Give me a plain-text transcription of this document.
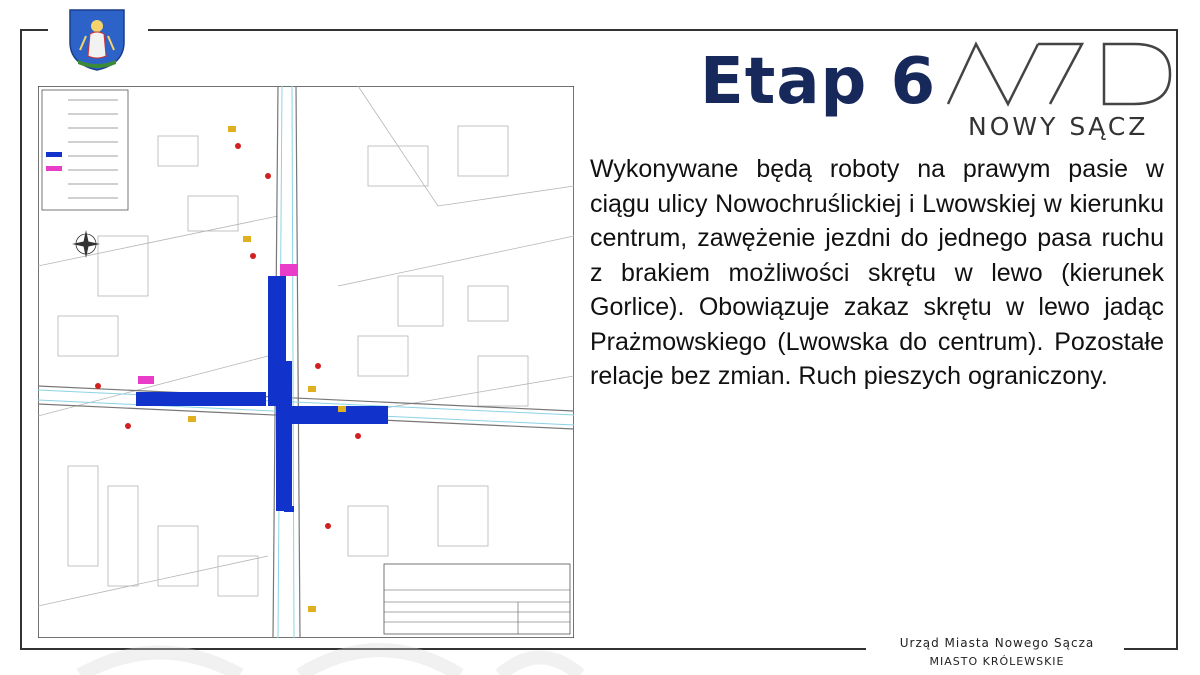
Etap 6
NOWY SĄCZ
Wykonywane będą roboty na prawym pasie w ciągu ulicy Nowochruślickiej i Lwowskiej w kierunku centrum, zawężenie jezdni do jednego pasa ruchu z brakiem możliwości skrętu w lewo (kierunek Gorlice). Obowiązuje zakaz skrętu w lewo jadąc Prażmowskiego (Lwowska do centrum). Pozostałe relacje bez zmian. Ruch pieszych ograniczony.
Urząd Miasta Nowego Sącza
MIASTO KRÓLEWSKIE
